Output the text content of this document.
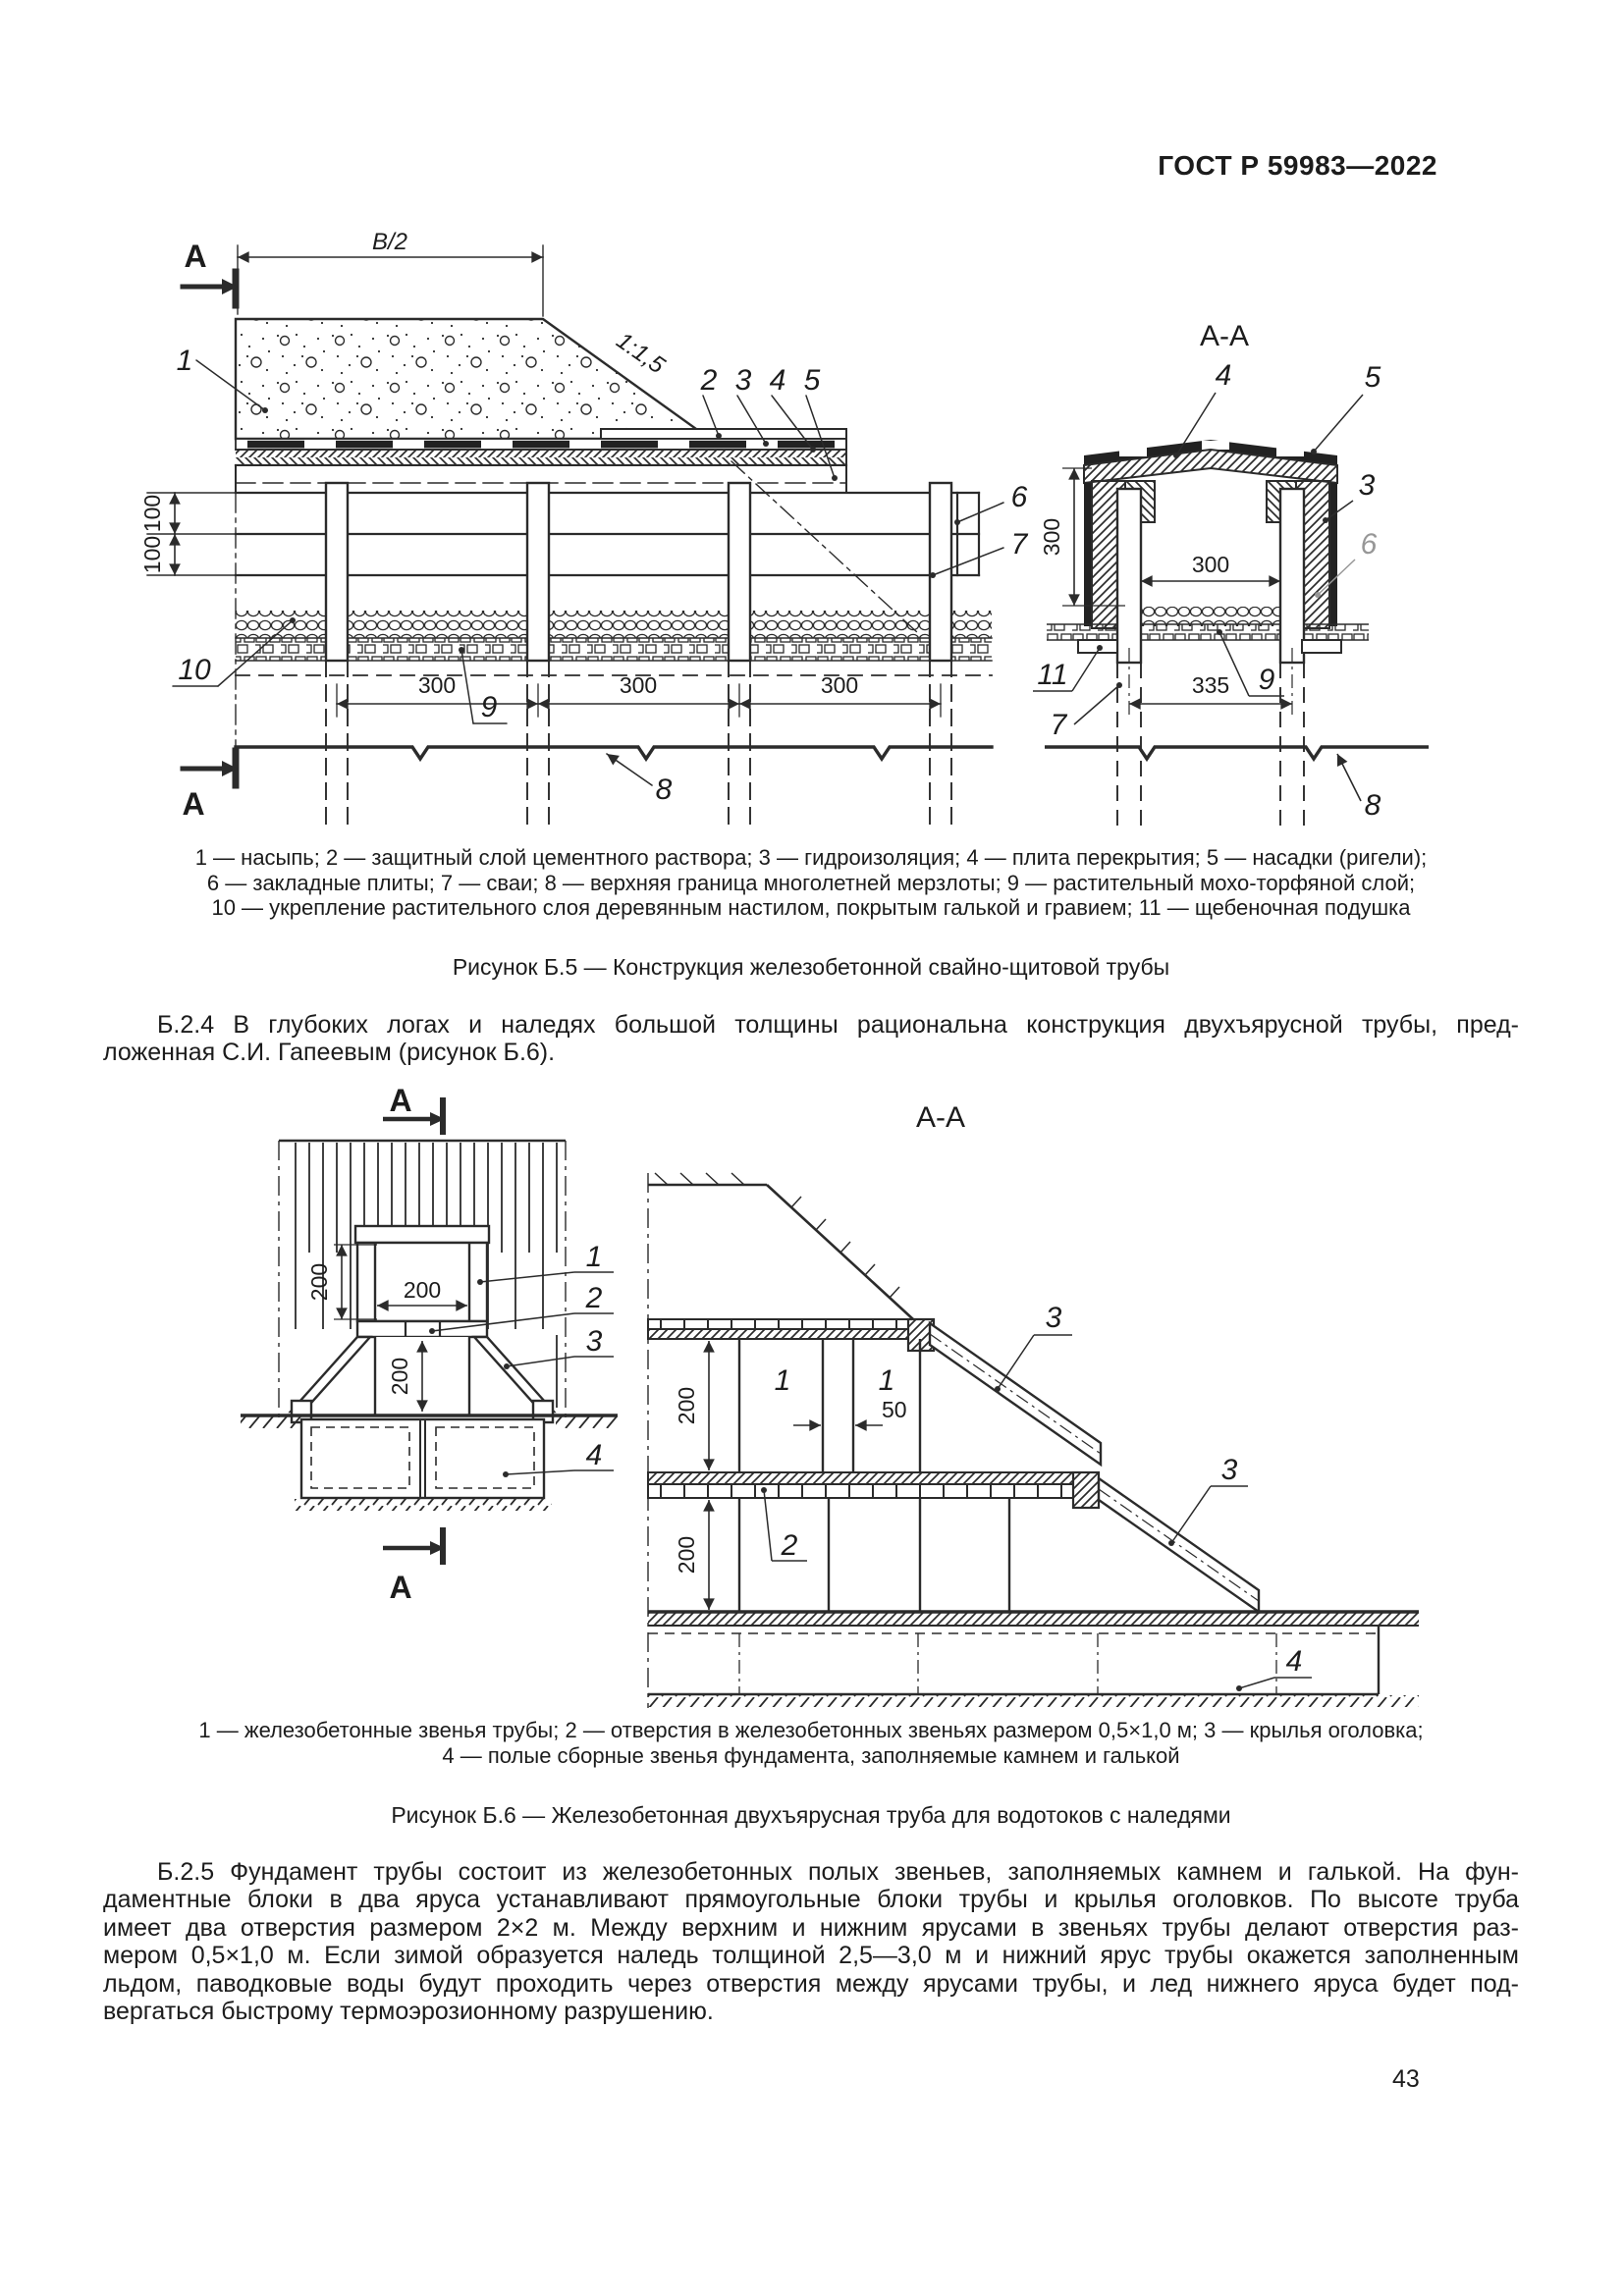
ГОСТ Р 59983—2022
B/2
А
1:1,5
100
100
300	300	300
А
1
2 3 4 5
6
7
8
9
10
А-А
300
300
335
4	5
3
6
11	9
7
8
1 — насыпь; 2 — защитный слой цементного раствора; 3 — гидроизоляция; 4 — плита перекрытия; 5 — насадки (ригели);
6 — закладные плиты; 7 — сваи; 8 — верхняя граница многолетней мерзлоты; 9 — растительный мохо-торфяной слой;
10 — укрепление растительного слоя деревянным настилом, покрытым галькой и гравием; 11 — щебеночная подушка
Рисунок Б.5 — Конструкция железобетонной свайно-щитовой трубы
Б.2.4 В глубоких логах и наледях большой толщины рациональна конструкция двухъярусной трубы, пред-
ложенная С.И. Гапеевым (рисунок Б.6).
А
200	200
200
1
2
3
4
А
А-А
1	1
50
200
200
3
3
2
4
1 — железобетонные звенья трубы; 2 — отверстия в железобетонных звеньях размером 0,5×1,0 м; 3 — крылья оголовка;
4 — полые сборные звенья фундамента, заполняемые камнем и галькой
Рисунок Б.6 — Железобетонная двухъярусная труба для водотоков с наледями
Б.2.5 Фундамент трубы состоит из железобетонных полых звеньев, заполняемых камнем и галькой. На фун-
даментные блоки в два яруса устанавливают прямоугольные блоки трубы и крылья оголовков. По высоте труба
имеет два отверстия размером 2×2 м. Между верхним и нижним ярусами в звеньях трубы делают отверстия раз-
мером 0,5×1,0 м. Если зимой образуется наледь толщиной 2,5—3,0 м и нижний ярус трубы окажется заполненным
льдом, паводковые воды будут проходить через отверстия между ярусами трубы, и лед нижнего яруса будет под-
вергаться быстрому термоэрозионному разрушению.
43
